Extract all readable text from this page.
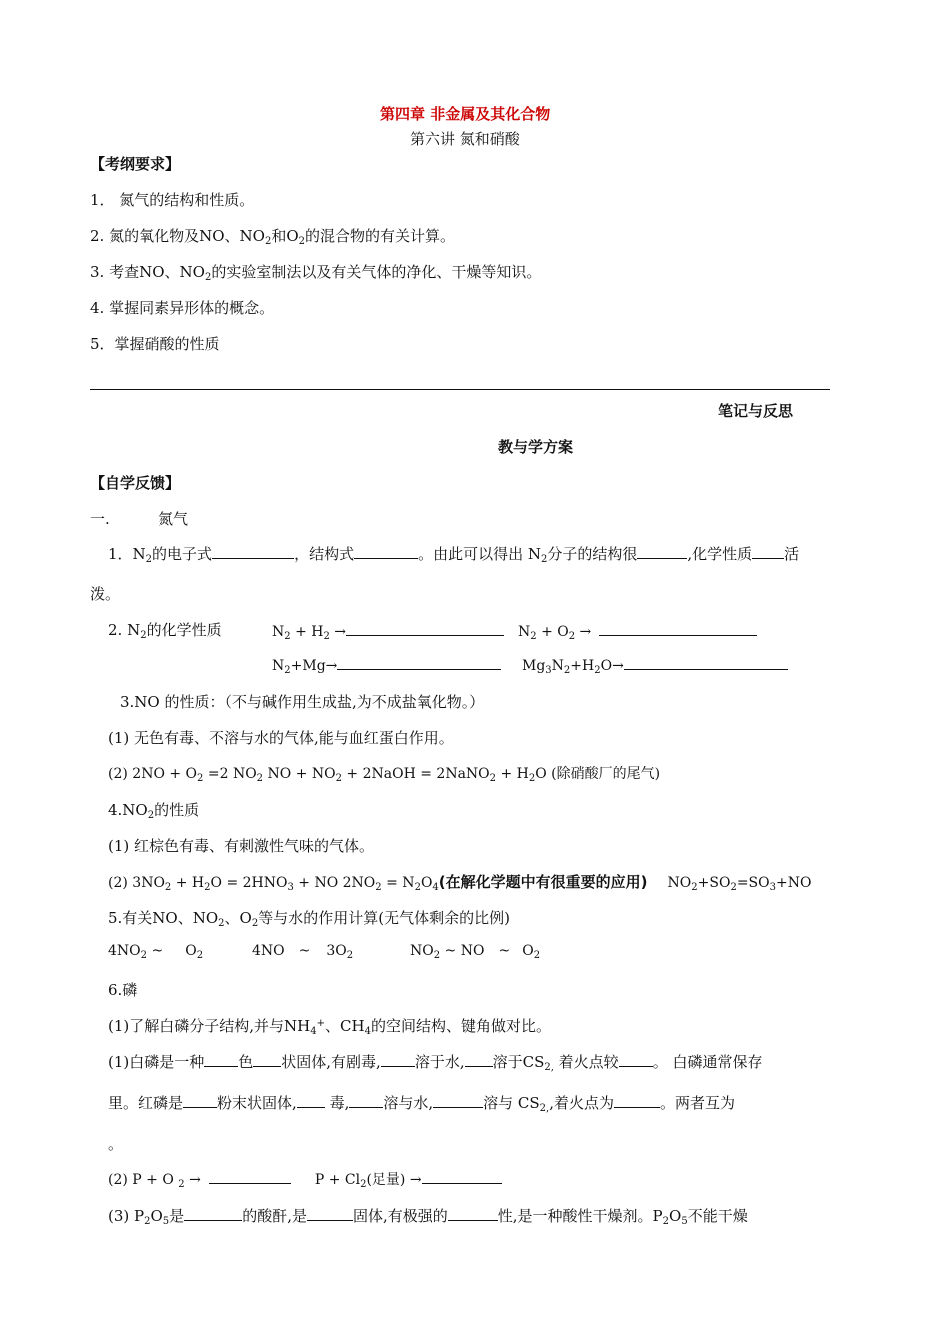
第四章 非金属及其化合物
第六讲 氮和硝酸
【考纲要求】
1． 氮气的结构和性质。
2. 氮的氧化物及NO、$NO_2$和$O_2$的混合物的有关计算。
3. 考查NO、$NO_2$的实验室制法以及有关气体的净化、干燥等知识。
4. 掌握同素异形体的概念。
5．掌握硝酸的性质
笔记与反思
教与学方案
【自学反馈】
一.	氮气
1．$N_2$的电子式	，结构式	。由此可以得出 $N_2$分子的结构很	,化学性质 活
泼。
2. $N_2$的化学性质	$N_2 + H_2$ →	$N_2 + O_2$ →
$N_2+Mg\to$	$Mg_3N_2+H_2O\to$
3.NO 的性质：（不与碱作用生成盐,为不成盐氧化物。）
(1) 无色有毒、不溶与水的气体,能与血红蛋白作用。
(2) $2NO + O_2 =2$ $NO_2$ NO + $NO_2$ + 2NaOH = 2NaNO$_2$ + $H_2O$ (除硝酸厂的尾气)
$4.NO_2$的性质
(1) 红棕色有毒、有刺激性气味的气体。
(2) $3NO_2 + H_2O = 2HNO_3$ + NO $2NO_2 = N_2O_4$(在解化学题中有很重要的应用) $NO_2+SO_2=SO_3+NO$
5.有关NO、$NO_2$、$O_2$等与水的作用计算(无气体剩余的比例)
$4NO_2$ ~ $O_2$	4NO ~ $3O_2$	$NO_2$ ~ NO ~ $O_2$
6.磷
(1)了解白磷分子结构,并与$NH_4^+$、$CH_4$的空间结构、键角做对比。
(1)白磷是一种 色 状固体,有剧毒, 溶于水, 溶于$CS_{2,}$ 着火点较 。 白磷通常保存
里。红磷是 粉末状固体, 毒, 溶与水,	溶与 $CS_{2,}$,着火点为	。两者互为
。
(2) P + O $_2$ →	$P + Cl_2$(足量) →
(3) $P_2O_5$是	的酸酐,是	固体,有极强的	性,是一种酸性干燥剂。$P_2O_5$不能干燥
